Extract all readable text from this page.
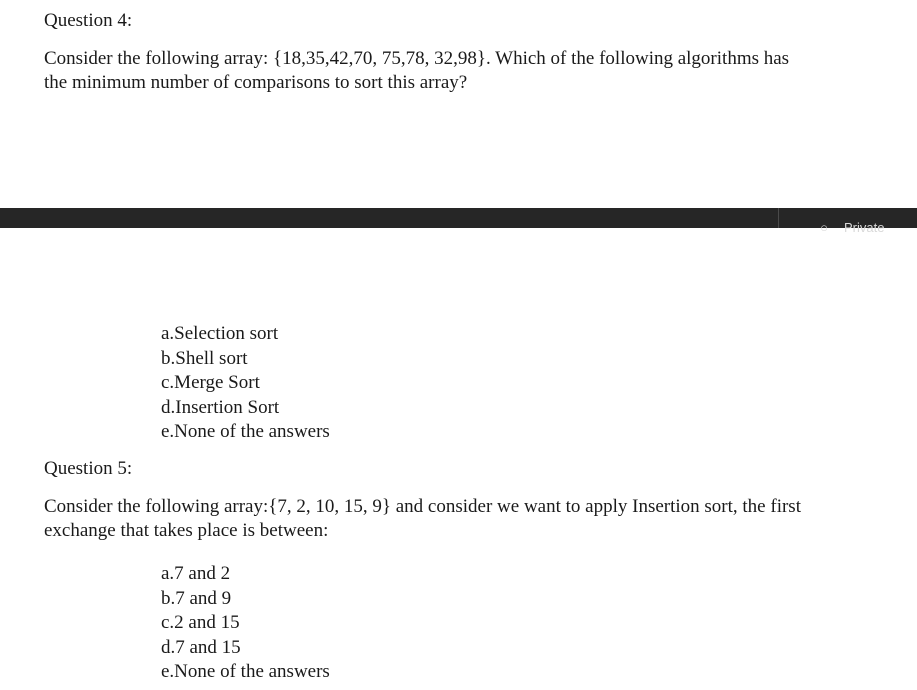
Question 4:
Consider the following array: {18,35,42,70, 75,78, 32,98}. Which of the following algorithms has
the minimum number of comparisons to sort this array?
○ Private
a.Selection sort
b.Shell sort
c.Merge Sort
d.Insertion Sort
e.None of the answers
Question 5:
Consider the following array:{7, 2, 10, 15, 9} and consider we want to apply Insertion sort, the first
exchange that takes place is between:
a.7 and 2
b.7 and 9
c.2 and 15
d.7 and 15
e.None of the answers
